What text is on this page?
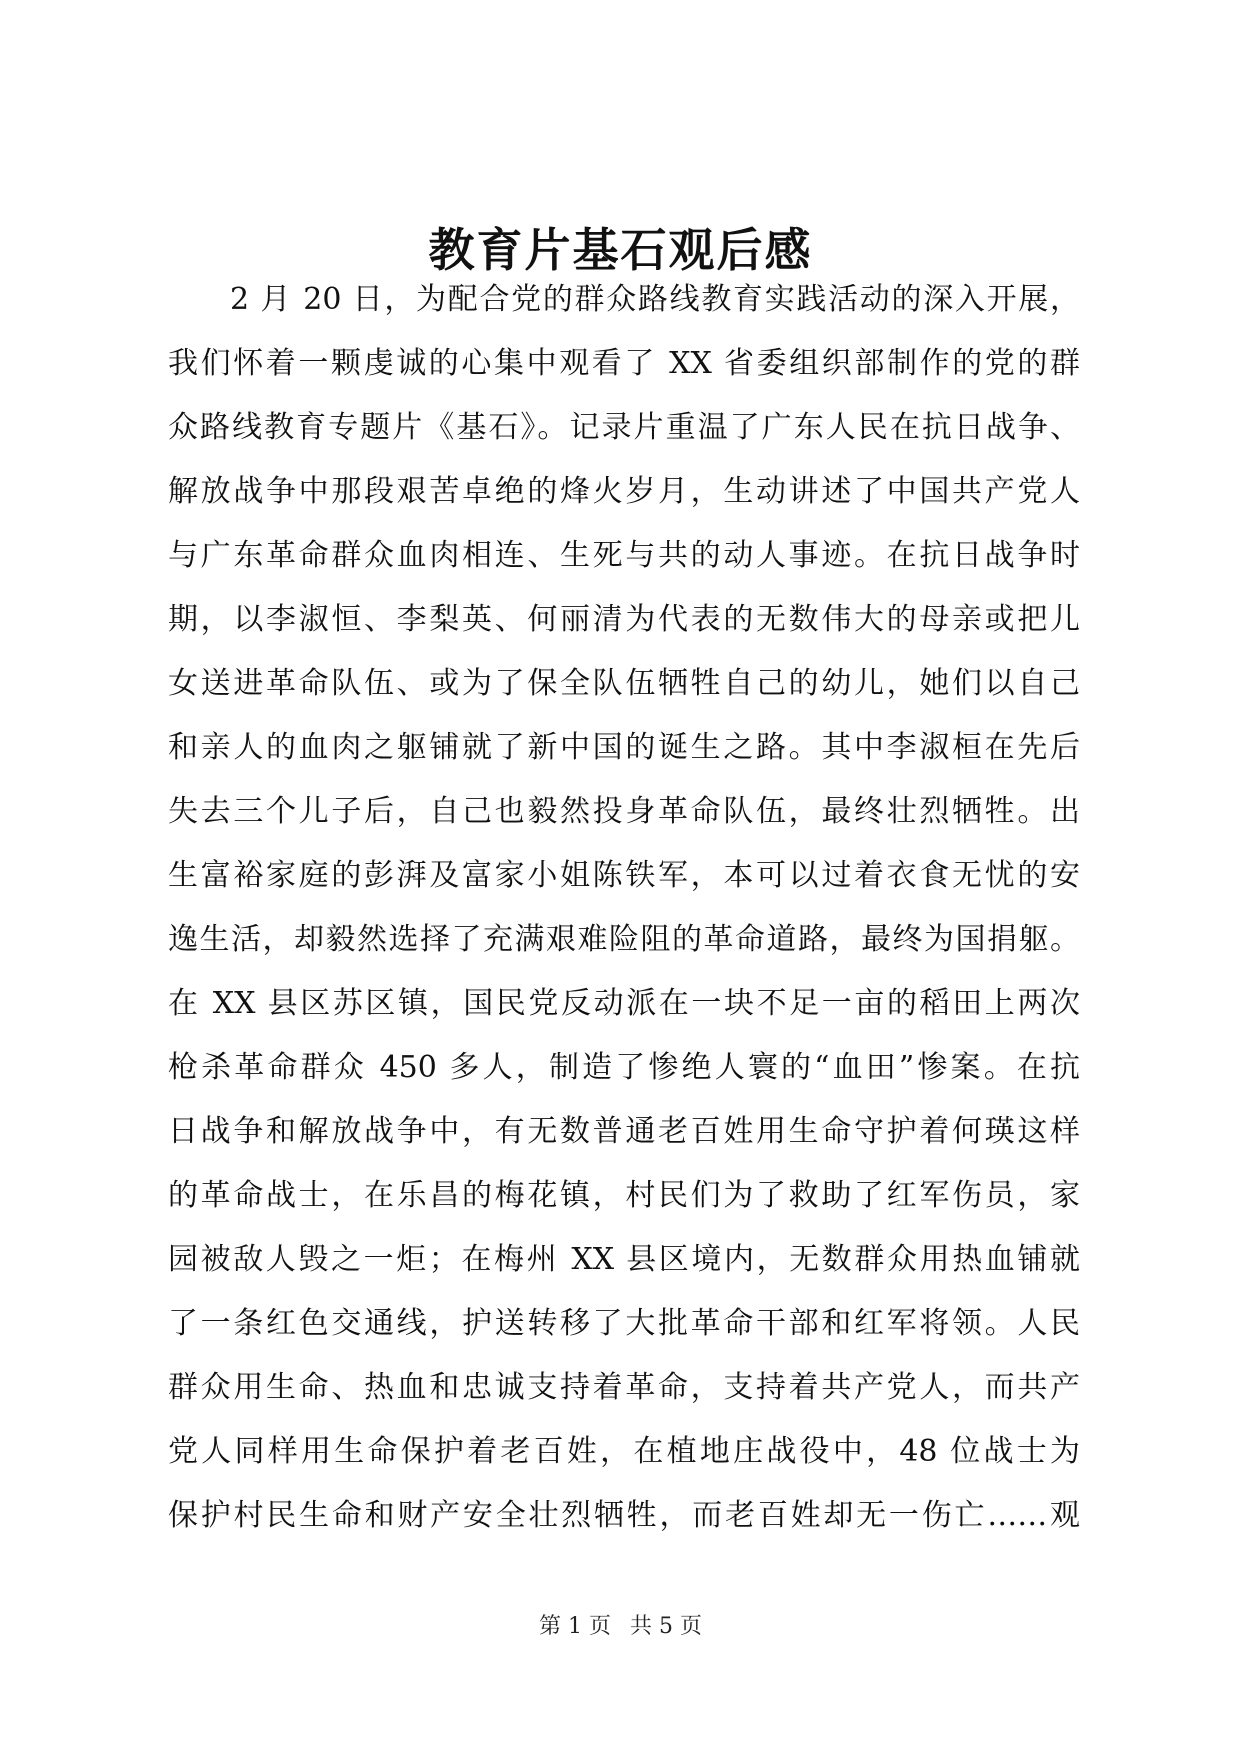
教育片基石观后感
2 月 20 日，为配合党的群众路线教育实践活动的深入开展，
我们怀着一颗虔诚的心集中观看了 XX 省委组织部制作的党的群
众路线教育专题片《基石》。记录片重温了广东人民在抗日战争、
解放战争中那段艰苦卓绝的烽火岁月，生动讲述了中国共产党人
与广东革命群众血肉相连、生死与共的动人事迹。在抗日战争时
期，以李淑恒、李梨英、何丽清为代表的无数伟大的母亲或把儿
女送进革命队伍、或为了保全队伍牺牲自己的幼儿，她们以自己
和亲人的血肉之躯铺就了新中国的诞生之路。其中李淑桓在先后
失去三个儿子后，自己也毅然投身革命队伍，最终壮烈牺牲。出
生富裕家庭的彭湃及富家小姐陈铁军，本可以过着衣食无忧的安
逸生活，却毅然选择了充满艰难险阻的革命道路，最终为国捐躯。
在 XX 县区苏区镇，国民党反动派在一块不足一亩的稻田上两次
枪杀革命群众 450 多人，制造了惨绝人寰的“血田”惨案。在抗
日战争和解放战争中，有无数普通老百姓用生命守护着何瑛这样
的革命战士，在乐昌的梅花镇，村民们为了救助了红军伤员，家
园被敌人毁之一炬；在梅州 XX 县区境内，无数群众用热血铺就
了一条红色交通线，护送转移了大批革命干部和红军将领。人民
群众用生命、热血和忠诚支持着革命，支持着共产党人，而共产
党人同样用生命保护着老百姓，在植地庄战役中，48 位战士为
保护村民生命和财产安全壮烈牺牲，而老百姓却无一伤亡……观
第 1 页 共 5 页
